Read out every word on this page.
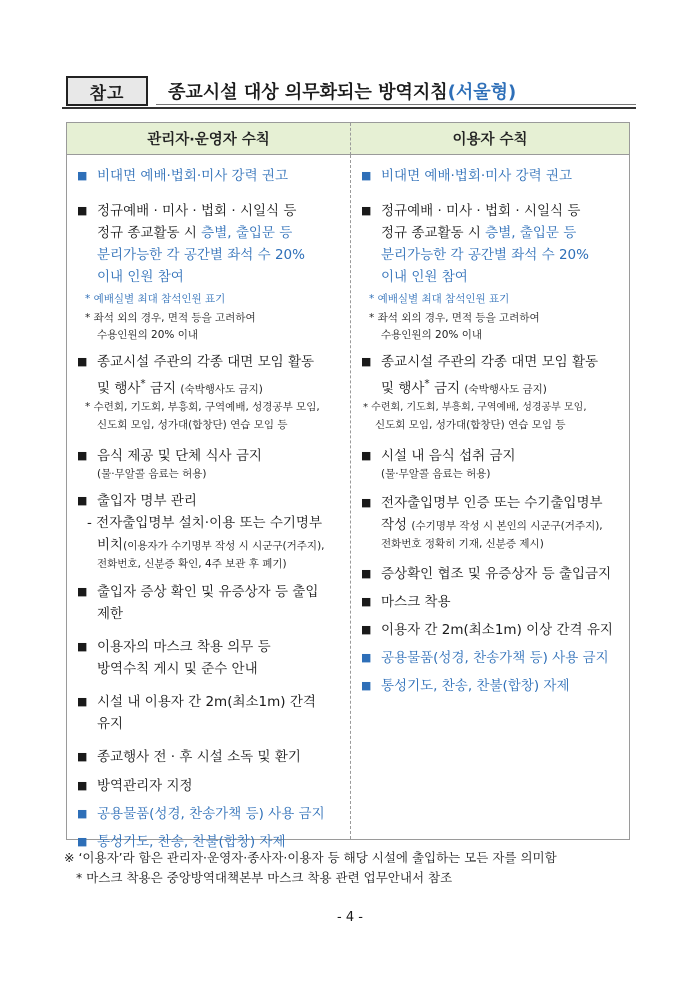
참고	종교시설 대상 의무화되는 방역지침(서울형)
관리자·운영자 수칙	이용자 수칙
■ 비대면 예배·법회·미사 강력 권고
■ 정규예배 · 미사 · 법회 · 시일식 등
정규 종교활동 시 층별, 출입문 등
분리가능한 각 공간별 좌석 수 20%
이내 인원 참여
* 예배실별 최대 참석인원 표기
* 좌석 외의 경우, 면적 등을 고려하여
수용인원의 20% 이내
■ 종교시설 주관의 각종 대면 모임 활동
및 행사* 금지 (숙박행사도 금지)
* 수련회, 기도회, 부흥회, 구역예배, 성경공부 모임,
신도회 모임, 성가대(합창단) 연습 모임 등
■ 음식 제공 및 단체 식사 금지
(물·무알콜 음료는 허용)
■ 출입자 명부 관리
- 전자출입명부 설치·이용 또는 수기명부
비치(이용자가 수기명부 작성 시 시군구(거주지),
전화번호, 신분증 확인, 4주 보관 후 폐기)
■ 출입자 증상 확인 및 유증상자 등 출입
제한
■ 이용자의 마스크 착용 의무 등
방역수칙 게시 및 준수 안내
■ 시설 내 이용자 간 2m(최소1m) 간격
유지
■ 종교행사 전 · 후 시설 소독 및 환기
■ 방역관리자 지정
■ 공용물품(성경, 찬송가책 등) 사용 금지
■ 통성기도, 찬송, 찬불(합창) 자제
■ 비대면 예배·법회·미사 강력 권고
■ 정규예배 · 미사 · 법회 · 시일식 등
정규 종교활동 시 층별, 출입문 등
분리가능한 각 공간별 좌석 수 20%
이내 인원 참여
* 예배실별 최대 참석인원 표기
* 좌석 외의 경우, 면적 등을 고려하여
수용인원의 20% 이내
■ 종교시설 주관의 각종 대면 모임 활동
및 행사* 금지 (숙박행사도 금지)
* 수련회, 기도회, 부흥회, 구역예배, 성경공부 모임,
신도회 모임, 성가대(합창단) 연습 모임 등
■ 시설 내 음식 섭취 금지
(물·무알콜 음료는 허용)
■ 전자출입명부 인증 또는 수기출입명부
작성 (수기명부 작성 시 본인의 시군구(거주지),
전화번호 정확히 기재, 신분증 제시)
■ 증상확인 협조 및 유증상자 등 출입금지
■ 마스크 착용
■ 이용자 간 2m(최소1m) 이상 간격 유지
■ 공용물품(성경, 찬송가책 등) 사용 금지
■ 통성기도, 찬송, 찬불(합창) 자제
※ ‘이용자’라 함은 관리자·운영자·종사자·이용자 등 해당 시설에 출입하는 모든 자를 의미함
* 마스크 착용은 중앙방역대책본부 마스크 착용 관련 업무안내서 참조
- 4 -
